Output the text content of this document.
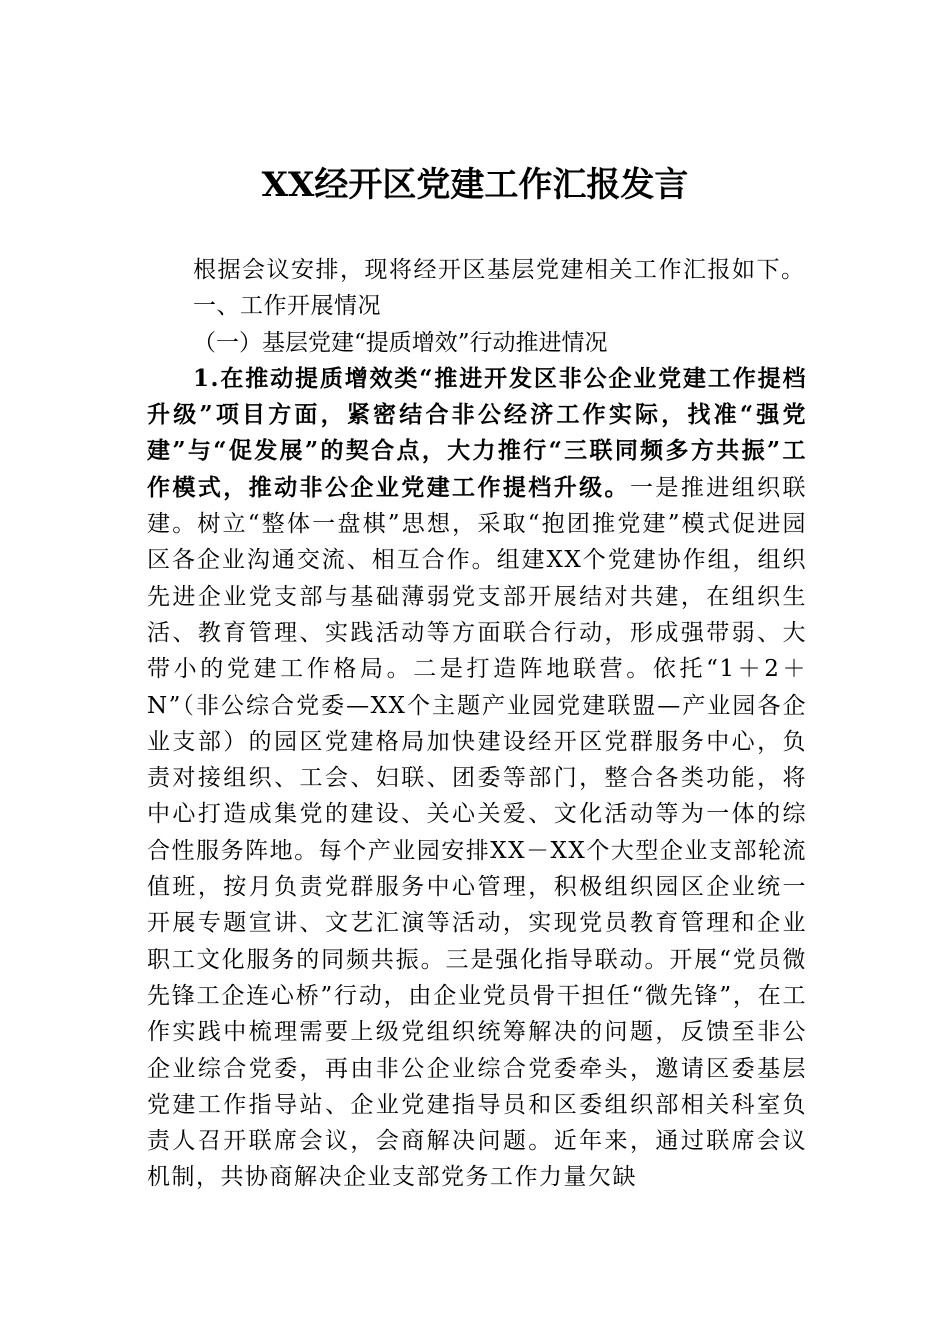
XX经开区党建工作汇报发言

根据会议安排，现将经开区基层党建相关工作汇报如下。

一、工作开展情况

（一）基层党建“提质增效”行动推进情况

1.在推动提质增效类“推进开发区非公企业党建工作提档升级”项目方面，紧密结合非公经济工作实际，找准“强党建”与“促发展”的契合点，大力推行“三联同频多方共振”工作模式，推动非公企业党建工作提档升级。一是推进组织联建。树立“整体一盘棋”思想，采取“抱团推党建”模式促进园区各企业沟通交流、相互合作。组建XX个党建协作组，组织先进企业党支部与基础薄弱党支部开展结对共建，在组织生活、教育管理、实践活动等方面联合行动，形成强带弱、大带小的党建工作格局。二是打造阵地联营。依托“1＋2＋N”（非公综合党委—XX个主题产业园党建联盟—产业园各企业支部）的园区党建格局加快建设经开区党群服务中心，负责对接组织、工会、妇联、团委等部门，整合各类功能，将中心打造成集党的建设、关心关爱、文化活动等为一体的综合性服务阵地。每个产业园安排XX－XX个大型企业支部轮流值班，按月负责党群服务中心管理，积极组织园区企业统一开展专题宣讲、文艺汇演等活动，实现党员教育管理和企业职工文化服务的同频共振。三是强化指导联动。开展“党员微先锋工企连心桥”行动，由企业党员骨干担任“微先锋”，在工作实践中梳理需要上级党组织统筹解决的问题，反馈至非公企业综合党委，再由非公企业综合党委牵头，邀请区委基层党建工作指导站、企业党建指导员和区委组织部相关科室负责人召开联席会议，会商解决问题。近年来，通过联席会议机制，共协商解决企业支部党务工作力量欠缺
